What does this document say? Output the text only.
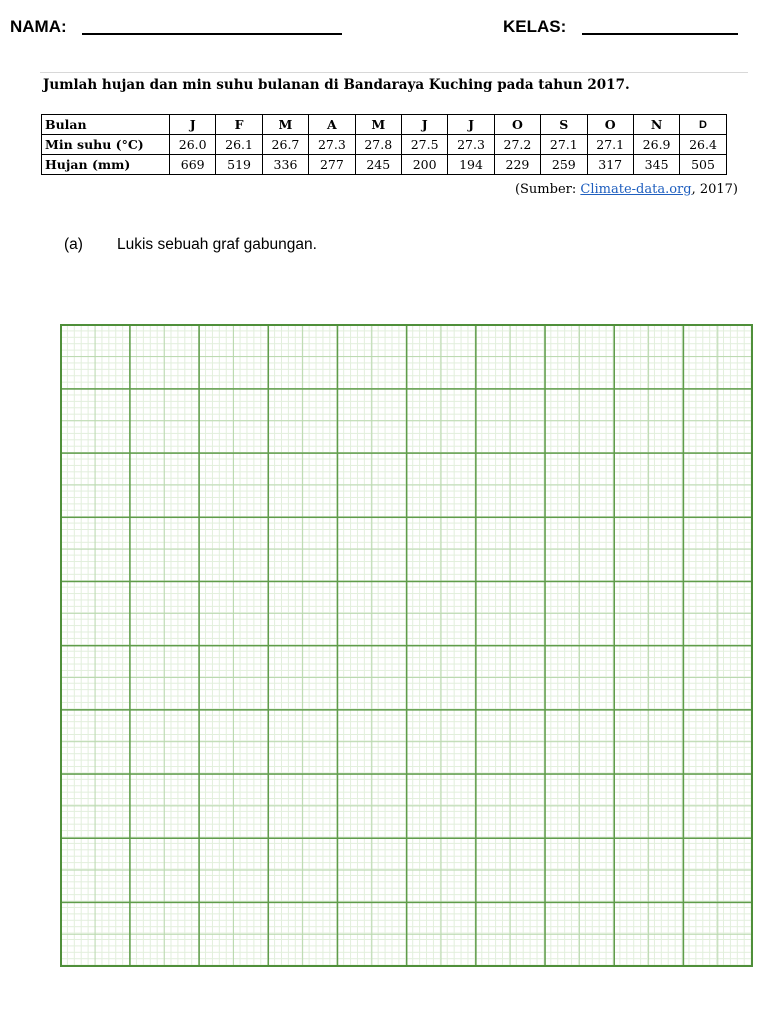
NAMA:	KELAS:
Jumlah hujan dan min suhu bulanan di Bandaraya Kuching pada tahun 2017.
Bulan	J	F	M	A	M	J	J	O	S	O	N	D
Min suhu (°C)	26.0	26.1	26.7	27.3	27.8	27.5	27.3	27.2	27.1	27.1	26.9	26.4
Hujan (mm)	669	519	336	277	245	200	194	229	259	317	345	505
(Sumber: Climate-data.org, 2017)
(a) Lukis sebuah graf gabungan.
